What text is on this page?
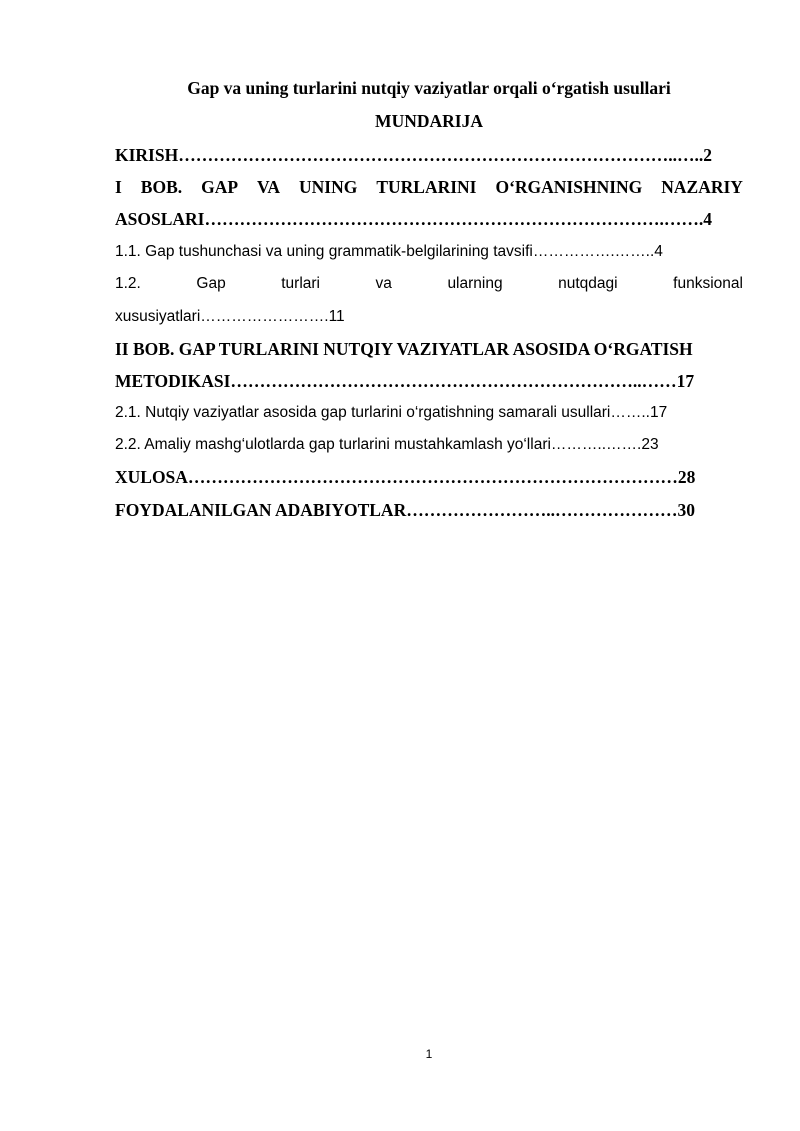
Gap va uning turlarini nutqiy vaziyatlar orqali o‘rgatish usullari
MUNDARIJA
KIRISH…………………………………………………………………………..…..2
I BOB. GAP VA UNING TURLARINI O‘RGANISHNING NAZARIY
ASOSLARI…………………………………………………………………….…….4
1.1. Gap tushunchasi va uning grammatik-belgilarining tavsifi…………….……..4
1.2.	Gap	turlari	va	ularning	nutqdagi	funksional
xususiyatlari…………………….11
II BOB. GAP TURLARINI NUTQIY VAZIYATLAR ASOSIDA O‘RGATISH
METODIKASI……………………………………………………………..……17
2.1. Nutqiy vaziyatlar asosida gap turlarini o‘rgatishning samarali usullari……..17
2.2. Amaliy mashg‘ulotlarda gap turlarini mustahkamlash yo‘llari………..…….23
XULOSA…………………………………………………………………………28
FOYDALANILGAN ADABIYOTLAR……………………..…………………30
1
